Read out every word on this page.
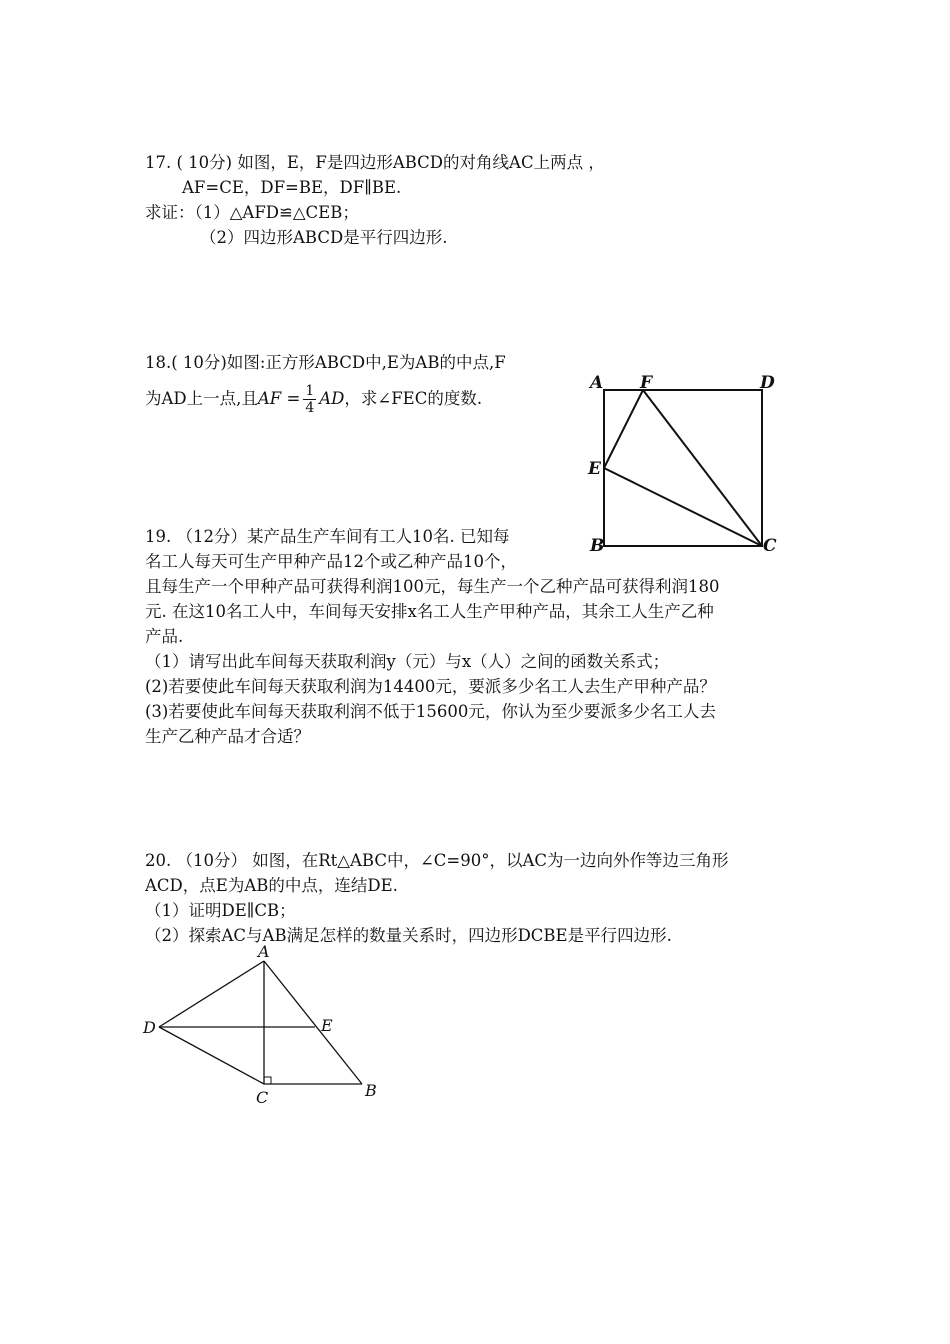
17. ( 10分) 如图，E，F是四边形ABCD的对角线AC上两点 ，
AF=CE，DF=BE，DF∥BE.
求证：（1）△AFD≌△CEB；
（2）四边形ABCD是平行四边形.
18.( 10分)如图:正方形ABCD中,E为AB的中点,F
为AD上一点,且AF = $\frac{1}{4}$ AD，求∠FEC的度数.
A F	D
E
B	C
19. （12分）某产品生产车间有工人10名. 已知每
名工人每天可生产甲种产品12个或乙种产品10个，
且每生产一个甲种产品可获得利润100元，每生产一个乙种产品可获得利润180
元. 在这10名工人中，车间每天安排x名工人生产甲种产品，其余工人生产乙种
产品.
（1）请写出此车间每天获取利润y（元）与x（人）之间的函数关系式；
(2)若要使此车间每天获取利润为14400元，要派多少名工人去生产甲种产品？
(3)若要使此车间每天获取利润不低于15600元，你认为至少要派多少名工人去
生产乙种产品才合适？
20. （10分） 如图，在Rt△ABC中，∠C=90°，以AC为一边向外作等边三角形
ACD，点E为AB的中点，连结DE.
（1）证明DE∥CB；
（2）探索AC与AB满足怎样的数量关系时，四边形DCBE是平行四边形.
A
D	E
C	B
